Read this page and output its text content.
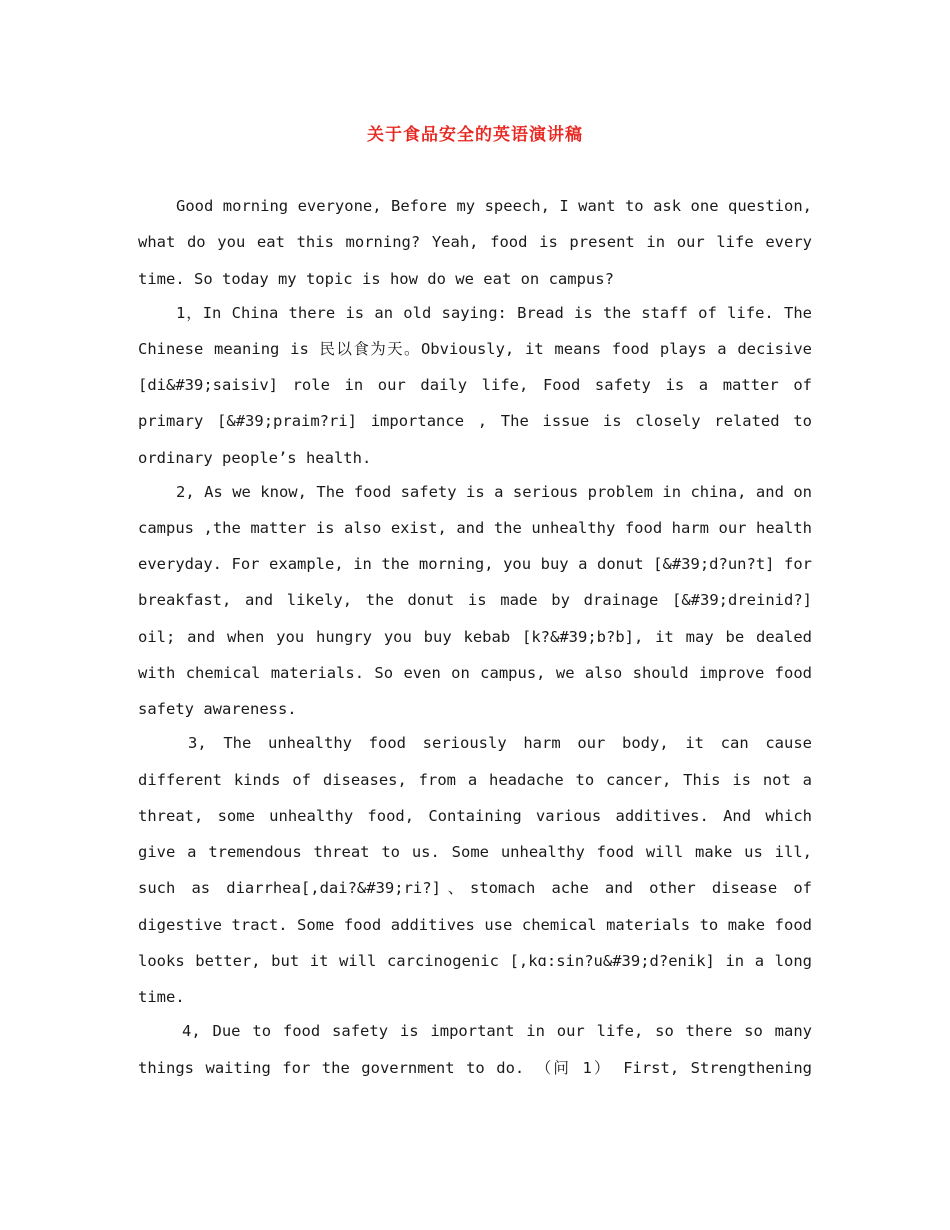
关于食品安全的英语演讲稿

Good morning everyone, Before my speech, I want to ask one question, what do you eat this morning? Yeah, food is present in our life every time. So today my topic is how do we eat on campus?

1，In China there is an old saying: Bread is the staff of life. The Chinese meaning is 民以食为天。Obviously, it means food plays a decisive [di&#39;saisiv] role in our daily life, Food safety is a matter of primary [&#39;praim?ri] importance , The issue is closely related to ordinary people’s health.

2, As we know, The food safety is a serious problem in china, and on campus ,the matter is also exist, and the unhealthy food harm our health everyday. For example, in the morning, you buy a donut [&#39;d?un?t] for breakfast, and likely, the donut is made by drainage [&#39;dreinid?] oil; and when you hungry you buy kebab [k?&#39;b?b], it may be dealed with chemical materials. So even on campus, we also should improve food safety awareness.

3, The unhealthy food seriously harm our body, it can cause different kinds of diseases, from a headache to cancer, This is not a threat, some unhealthy food, Containing various additives. And which give a tremendous threat to us. Some unhealthy food will make us ill, such as diarrhea[,dai?&#39;ri?]、stomach ache and other disease of digestive tract. Some food additives use chemical materials to make food looks better, but it will carcinogenic [,kɑ:sin?u&#39;d?enik] in a long time.

4, Due to food safety is important in our life, so there so many things waiting for the government to do. （问 1） First, Strengthening
